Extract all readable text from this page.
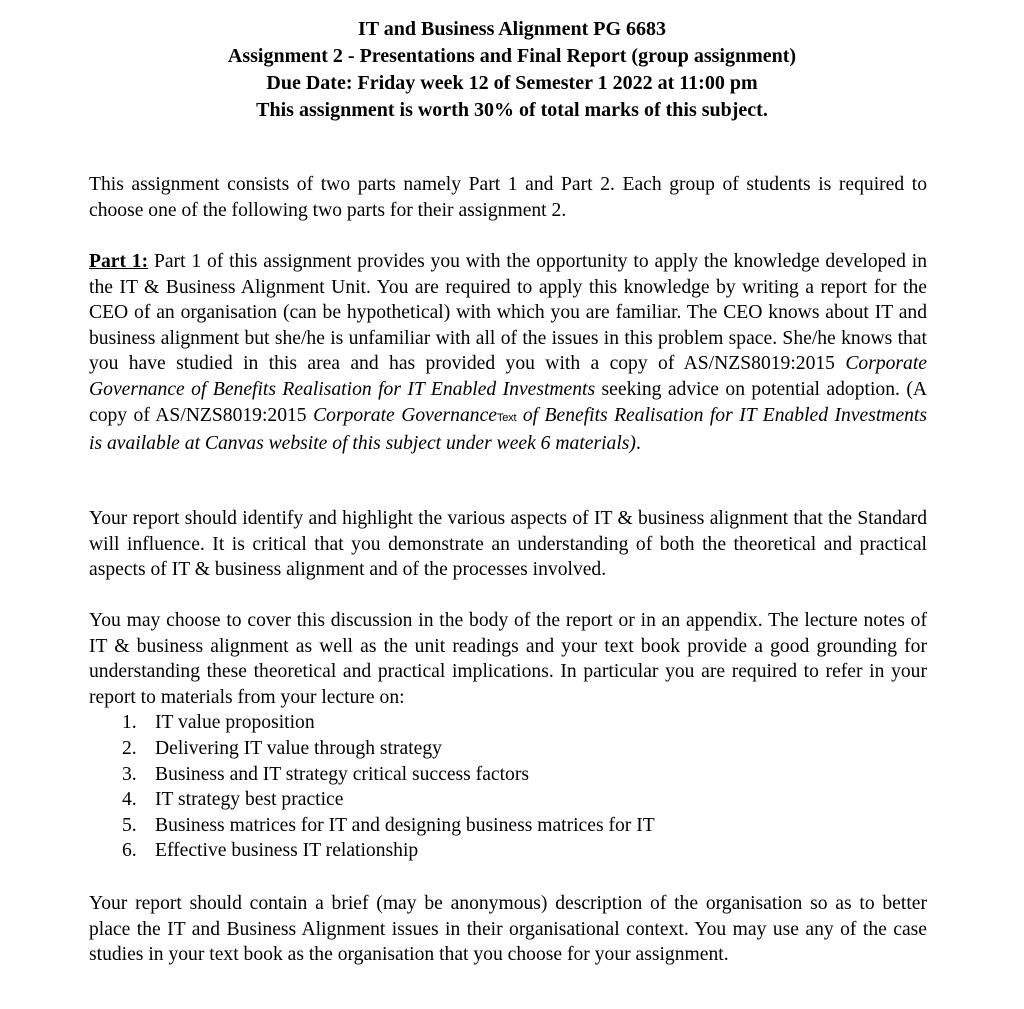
IT and Business Alignment PG 6683
Assignment 2 - Presentations and Final Report (group assignment)
Due Date: Friday week 12 of Semester 1 2022 at 11:00 pm
This assignment is worth 30% of total marks of this subject.

This assignment consists of two parts namely Part 1 and Part 2. Each group of students is required to choose one of the following two parts for their assignment 2.

Part 1: Part 1 of this assignment provides you with the opportunity to apply the knowledge developed in the IT & Business Alignment Unit. You are required to apply this knowledge by writing a report for the CEO of an organisation (can be hypothetical) with which you are familiar. The CEO knows about IT and business alignment but she/he is unfamiliar with all of the issues in this problem space. She/he knows that you have studied in this area and has provided you with a copy of AS/NZS8019:2015 Corporate Governance of Benefits Realisation for IT Enabled Investments seeking advice on potential adoption. (A copy of AS/NZS8019:2015 Corporate GovernanceText of Benefits Realisation for IT Enabled Investments is available at Canvas website of this subject under week 6 materials).

Your report should identify and highlight the various aspects of IT & business alignment that the Standard will influence. It is critical that you demonstrate an understanding of both the theoretical and practical aspects of IT & business alignment and of the processes involved.

You may choose to cover this discussion in the body of the report or in an appendix. The lecture notes of IT & business alignment as well as the unit readings and your text book provide a good grounding for understanding these theoretical and practical implications. In particular you are required to refer in your report to materials from your lecture on:

1. IT value proposition
2. Delivering IT value through strategy
3. Business and IT strategy critical success factors
4. IT strategy best practice
5. Business matrices for IT and designing business matrices for IT
6. Effective business IT relationship

Your report should contain a brief (may be anonymous) description of the organisation so as to better place the IT and Business Alignment issues in their organisational context. You may use any of the case studies in your text book as the organisation that you choose for your assignment.
